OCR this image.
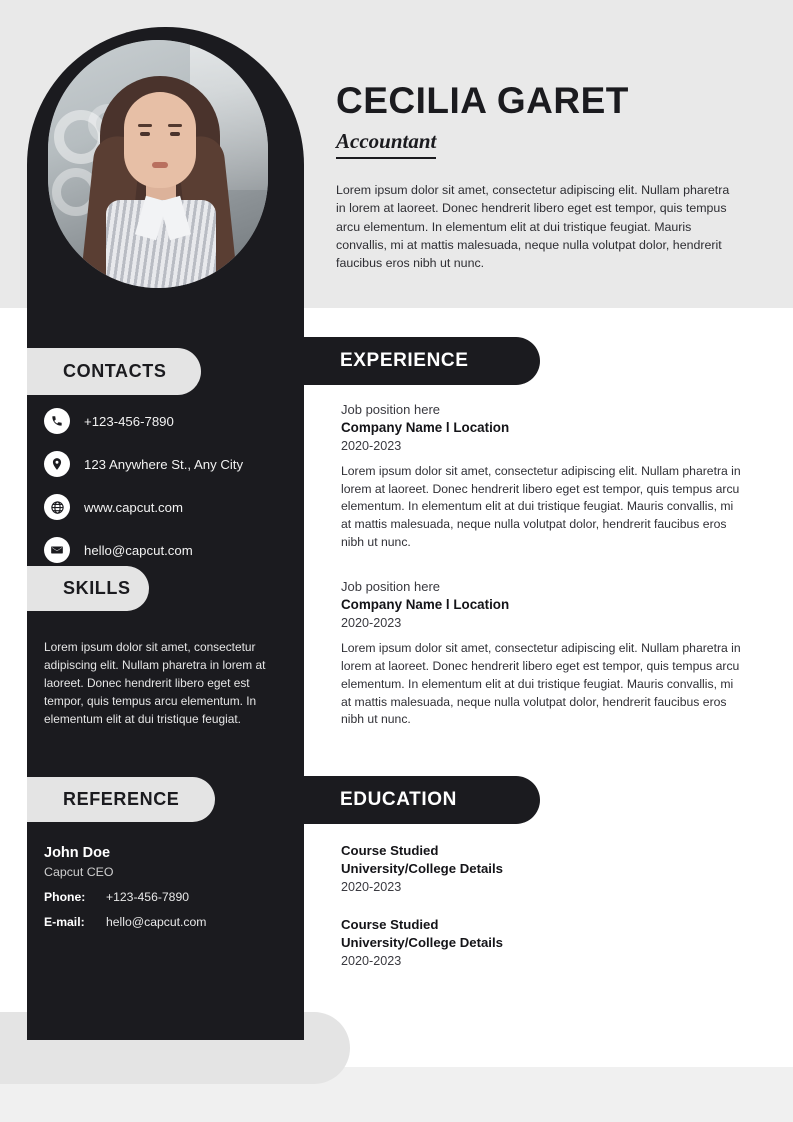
CECILIA GARET
Accountant
Lorem ipsum dolor sit amet, consectetur adipiscing elit. Nullam pharetra in lorem at laoreet. Donec hendrerit libero eget est tempor, quis tempus arcu elementum. In elementum elit at dui tristique feugiat. Mauris convallis, mi at mattis malesuada, neque nulla volutpat dolor, hendrerit faucibus eros nibh ut nunc.
CONTACTS
SKILLS
REFERENCE
EXPERIENCE
EDUCATION
+123-456-7890
123 Anywhere St., Any City
www.capcut.com
hello@capcut.com
Lorem ipsum dolor sit amet, consectetur adipiscing elit. Nullam pharetra in lorem at laoreet. Donec hendrerit libero eget est tempor, quis tempus arcu elementum. In elementum elit at dui tristique feugiat.
John Doe
Capcut CEO
Phone:	+123-456-7890
E-mail:	hello@capcut.com
Job position here
Company Name l Location
2020-2023
Lorem ipsum dolor sit amet, consectetur adipiscing elit. Nullam pharetra in lorem at laoreet. Donec hendrerit libero eget est tempor, quis tempus arcu elementum. In elementum elit at dui tristique feugiat. Mauris convallis, mi at mattis malesuada, neque nulla volutpat dolor, hendrerit faucibus eros nibh ut nunc.
Job position here
Company Name l Location
2020-2023
Lorem ipsum dolor sit amet, consectetur adipiscing elit. Nullam pharetra in lorem at laoreet. Donec hendrerit libero eget est tempor, quis tempus arcu elementum. In elementum elit at dui tristique feugiat. Mauris convallis, mi at mattis malesuada, neque nulla volutpat dolor, hendrerit faucibus eros nibh ut nunc.
Course Studied
University/College Details
2020-2023
Course Studied
University/College Details
2020-2023
